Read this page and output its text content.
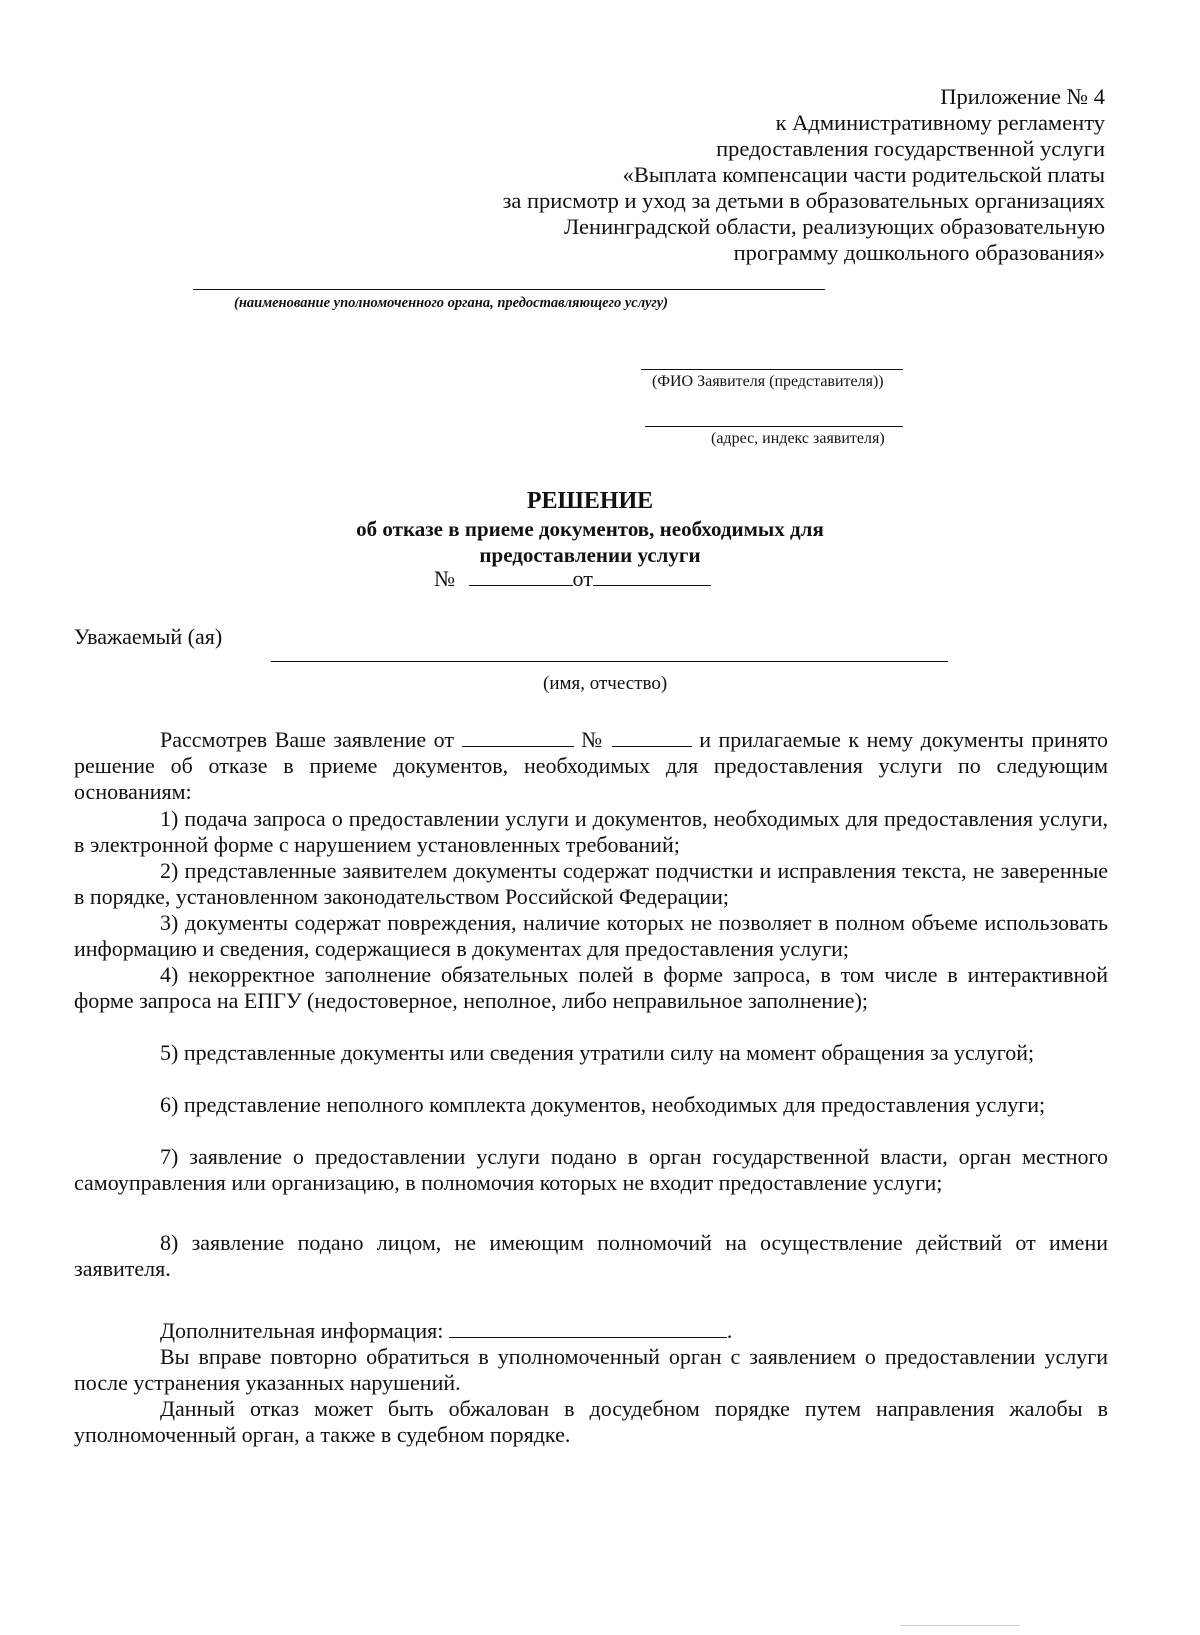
Приложение № 4
к Административному регламенту
предоставления государственной услуги
«Выплата компенсации части родительской платы
за присмотр и уход за детьми в образовательных организациях
Ленинградской области, реализующих образовательную
программу дошкольного образования»
(наименование уполномоченного органа, предоставляющего услугу)
(ФИО Заявителя (представителя))
(адрес, индекс заявителя)
РЕШЕНИЕ
об отказе в приеме документов, необходимых для
предоставлении услуги
№	от
Уважаемый (ая)
(имя, отчество)
Рассмотрев Ваше заявление от	№	и прилагаемые к нему документы принято решение об отказе в приеме документов, необходимых для предоставления услуги по следующим основаниям:
1) подача запроса о предоставлении услуги и документов, необходимых для предоставления услуги, в электронной форме с нарушением установленных требований;
2) представленные заявителем документы содержат подчистки и исправления текста, не заверенные в порядке, установленном законодательством Российской Федерации;
3) документы содержат повреждения, наличие которых не позволяет в полном объеме использовать информацию и сведения, содержащиеся в документах для предоставления услуги;
4) некорректное заполнение обязательных полей в форме запроса, в том числе в интерактивной форме запроса на ЕПГУ (недостоверное, неполное, либо неправильное заполнение);
5) представленные документы или сведения утратили силу на момент обращения за услугой;
6) представление неполного комплекта документов, необходимых для предоставления услуги;
7) заявление о предоставлении услуги подано в орган государственной власти, орган местного самоуправления или организацию, в полномочия которых не входит предоставление услуги;
8) заявление подано лицом, не имеющим полномочий на осуществление действий от имени заявителя.
Дополнительная информация:	.
Вы вправе повторно обратиться в уполномоченный орган с заявлением о предоставлении услуги после устранения указанных нарушений.
Данный отказ может быть обжалован в досудебном порядке путем направления жалобы в уполномоченный орган, а также в судебном порядке.
